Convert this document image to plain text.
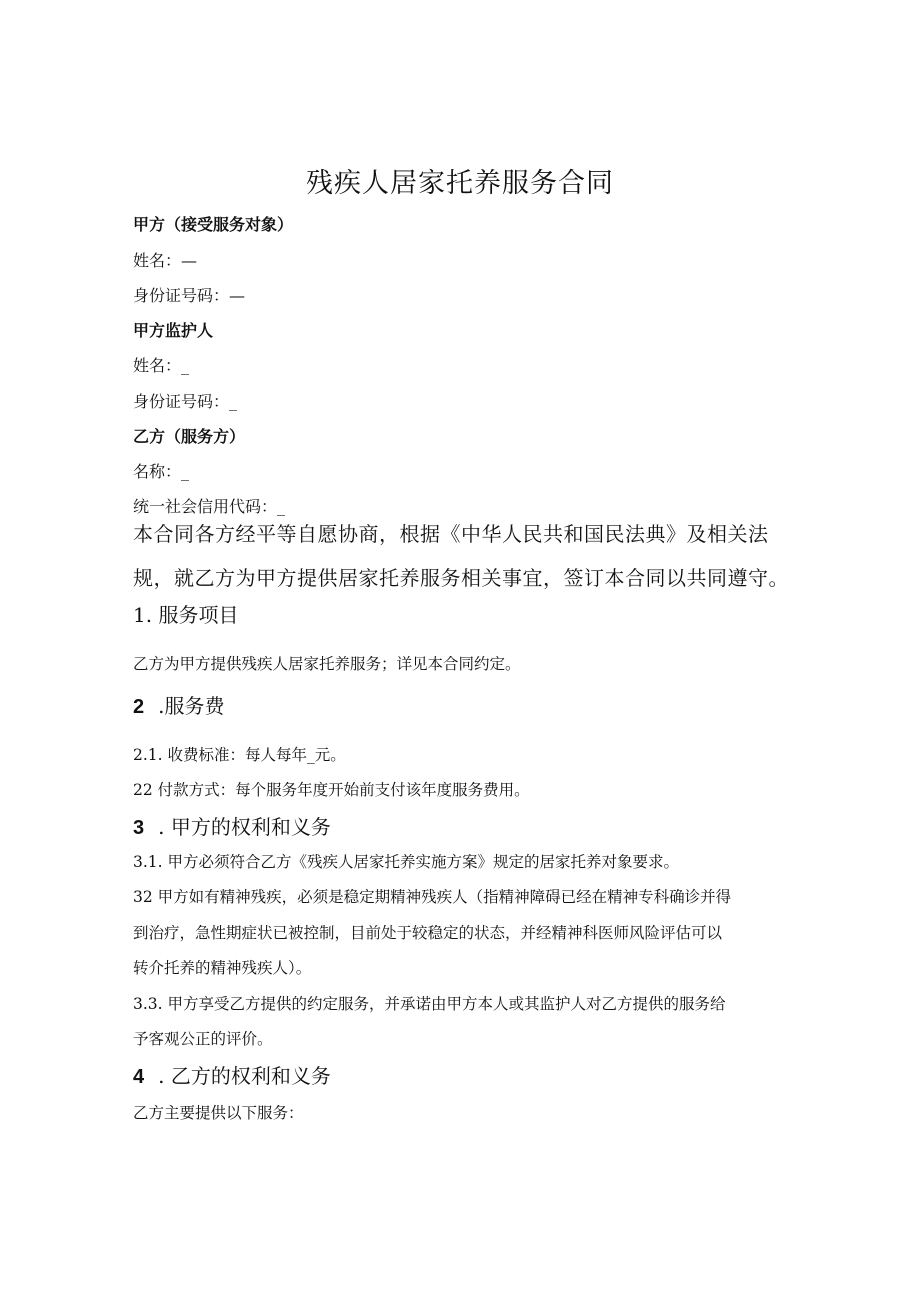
残疾人居家托养服务合同

甲方（接受服务对象）

姓名：—

身份证号码：—

甲方监护人

姓名：_

身份证号码：_

乙方（服务方）

名称：_

统一社会信用代码：_

本合同各方经平等自愿协商，根据《中华人民共和国民法典》及相关法

规，就乙方为甲方提供居家托养服务相关事宜，签订本合同以共同遵守。

1. 服务项目

乙方为甲方提供残疾人居家托养服务；详见本合同约定。

2 .服务费

2.1. 收费标准：每人每年_元。

22 付款方式：每个服务年度开始前支付该年度服务费用。

3 . 甲方的权利和义务

3.1. 甲方必须符合乙方《残疾人居家托养实施方案》规定的居家托养对象要求。

32 甲方如有精神残疾，必须是稳定期精神残疾人（指精神障碍已经在精神专科确诊并得

到治疗，急性期症状已被控制，目前处于较稳定的状态，并经精神科医师风险评估可以

转介托养的精神残疾人）。

3.3. 甲方享受乙方提供的约定服务，并承诺由甲方本人或其监护人对乙方提供的服务给

予客观公正的评价。

4 . 乙方的权利和义务

乙方主要提供以下服务：
